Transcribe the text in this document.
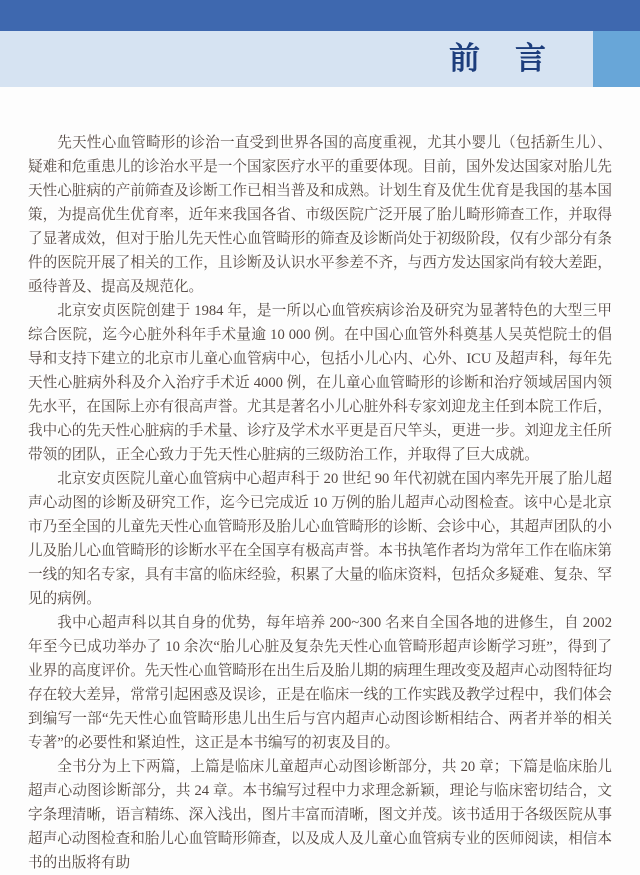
前　言

先天性心血管畸形的诊治一直受到世界各国的高度重视，尤其小婴儿（包括新生儿）、疑难和危重患儿的诊治水平是一个国家医疗水平的重要体现。目前，国外发达国家对胎儿先天性心脏病的产前筛查及诊断工作已相当普及和成熟。计划生育及优生优育是我国的基本国策，为提高优生优育率，近年来我国各省、市级医院广泛开展了胎儿畸形筛查工作，并取得了显著成效，但对于胎儿先天性心血管畸形的筛查及诊断尚处于初级阶段，仅有少部分有条件的医院开展了相关的工作，且诊断及认识水平参差不齐，与西方发达国家尚有较大差距，亟待普及、提高及规范化。

北京安贞医院创建于 1984 年，是一所以心血管疾病诊治及研究为显著特色的大型三甲综合医院，迄今心脏外科年手术量逾 10 000 例。在中国心血管外科奠基人吴英恺院士的倡导和支持下建立的北京市儿童心血管病中心，包括小儿心内、心外、ICU 及超声科，每年先天性心脏病外科及介入治疗手术近 4000 例，在儿童心血管畸形的诊断和治疗领域居国内领先水平，在国际上亦有很高声誉。尤其是著名小儿心脏外科专家刘迎龙主任到本院工作后，我中心的先天性心脏病的手术量、诊疗及学术水平更是百尺竿头，更进一步。刘迎龙主任所带领的团队，正全心致力于先天性心脏病的三级防治工作，并取得了巨大成就。

北京安贞医院儿童心血管病中心超声科于 20 世纪 90 年代初就在国内率先开展了胎儿超声心动图的诊断及研究工作，迄今已完成近 10 万例的胎儿超声心动图检查。该中心是北京市乃至全国的儿童先天性心血管畸形及胎儿心血管畸形的诊断、会诊中心，其超声团队的小儿及胎儿心血管畸形的诊断水平在全国享有极高声誉。本书执笔作者均为常年工作在临床第一线的知名专家，具有丰富的临床经验，积累了大量的临床资料，包括众多疑难、复杂、罕见的病例。

我中心超声科以其自身的优势，每年培养 200~300 名来自全国各地的进修生，自 2002 年至今已成功举办了 10 余次“胎儿心脏及复杂先天性心血管畸形超声诊断学习班”，得到了业界的高度评价。先天性心血管畸形在出生后及胎儿期的病理生理改变及超声心动图特征均存在较大差异，常常引起困惑及误诊，正是在临床一线的工作实践及教学过程中，我们体会到编写一部“先天性心血管畸形患儿出生后与宫内超声心动图诊断相结合、两者并举的相关专著”的必要性和紧迫性，这正是本书编写的初衷及目的。

全书分为上下两篇，上篇是临床儿童超声心动图诊断部分，共 20 章；下篇是临床胎儿超声心动图诊断部分，共 24 章。本书编写过程中力求理念新颖，理论与临床密切结合，文字条理清晰，语言精练、深入浅出，图片丰富而清晰，图文并茂。该书适用于各级医院从事超声心动图检查和胎儿心血管畸形筛查，以及成人及儿童心血管病专业的医师阅读，相信本书的出版将有助
